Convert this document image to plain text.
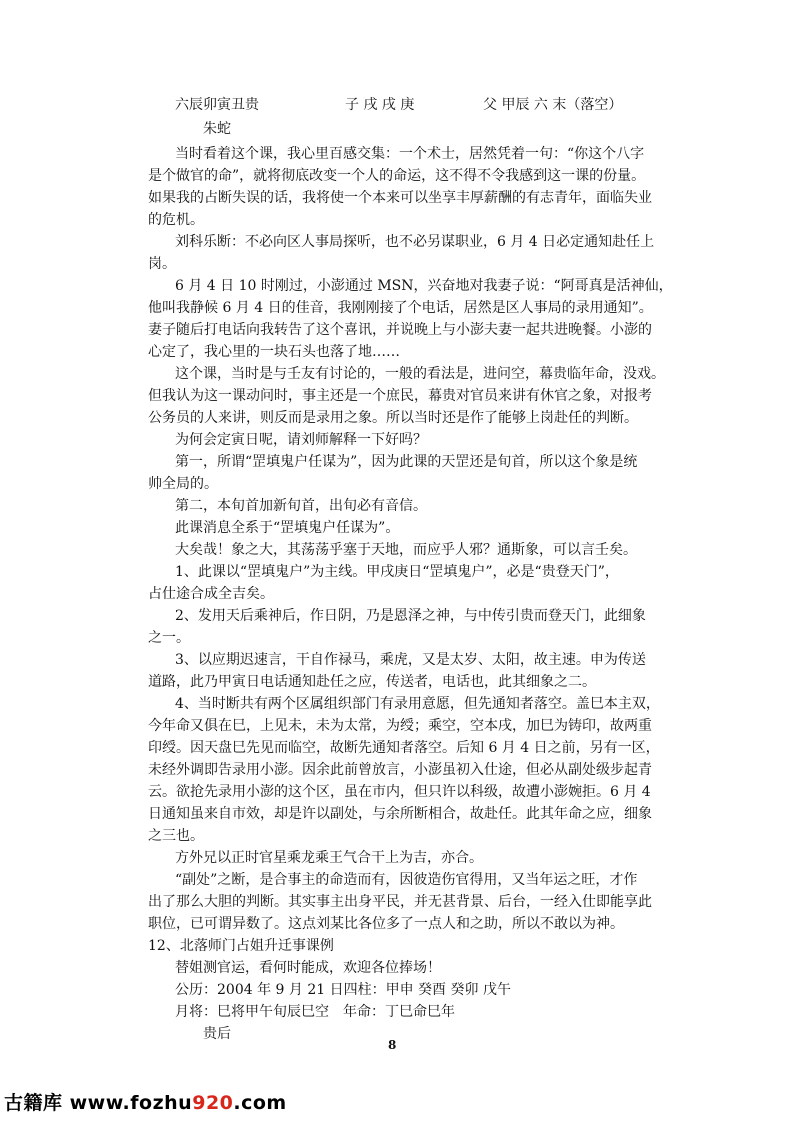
六辰卯寅丑贵	子 戌 戌 庚	父 甲辰 六 末（落空）
朱蛇
当时看着这个课，我心里百感交集：一个术士，居然凭着一句：“你这个八字
是个做官的命”，就将彻底改变一个人的命运，这不得不令我感到这一课的份量。
如果我的占断失误的话，我将使一个本来可以坐享丰厚薪酬的有志青年，面临失业
的危机。
刘科乐断：不必向区人事局探听，也不必另谋职业，6 月 4 日必定通知赴任上
岗。
6 月 4 日 10 时刚过，小澎通过 MSN，兴奋地对我妻子说：“阿哥真是活神仙，
他叫我静候 6 月 4 日的佳音，我刚刚接了个电话，居然是区人事局的录用通知”。
妻子随后打电话向我转告了这个喜讯，并说晚上与小澎夫妻一起共进晚餐。小澎的
心定了，我心里的一块石头也落了地……
这个课，当时是与壬友有讨论的，一般的看法是，进问空，幕贵临年命，没戏。
但我认为这一课动问时，事主还是一个庶民，幕贵对官员来讲有休官之象，对报考
公务员的人来讲，则反而是录用之象。所以当时还是作了能够上岗赴任的判断。
为何会定寅日呢，请刘师解释一下好吗？
第一，所谓“罡填鬼户任谋为”，因为此课的天罡还是旬首，所以这个象是统
帅全局的。
第二，本旬首加新旬首，出旬必有音信。
此课消息全系于“罡填鬼户任谋为”。
大矣哉！象之大，其荡荡乎塞于天地，而应乎人邪？通斯象，可以言壬矣。
1、此课以“罡填鬼户”为主线。甲戌庚日“罡填鬼户”，必是“贵登天门”，
占仕途合成全吉矣。
2、发用天后乘神后，作日阴，乃是恩泽之神，与中传引贵而登天门，此细象
之一。
3、以应期迟速言，干自作禄马，乘虎，又是太岁、太阳，故主速。申为传送
道路，此乃甲寅日电话通知赴任之应，传送者，电话也，此其细象之二。
4、当时断共有两个区属组织部门有录用意愿，但先通知者落空。盖巳本主双，
今年命又俱在巳，上见未，未为太常，为绶；乘空，空本戌，加巳为铸印，故两重
印绶。因天盘巳先见而临空，故断先通知者落空。后知 6 月 4 日之前，另有一区，
未经外调即告录用小澎。因余此前曾放言，小澎虽初入仕途，但必从副处级步起青
云。欲抢先录用小澎的这个区，虽在市内，但只许以科级，故遭小澎婉拒。6 月 4
日通知虽来自市效，却是许以副处，与余所断相合，故赴任。此其年命之应，细象
之三也。
方外兄以正时官星乘龙乘王气合干上为吉，亦合。
“副处”之断，是合事主的命造而有，因彼造伤官得用，又当年运之旺，才作
出了那么大胆的判断。其实事主出身平民，并无甚背景、后台，一经入仕即能享此
职位，已可谓异数了。这点刘某比各位多了一点人和之助，所以不敢以为神。
12、北落师门占姐升迁事课例
替姐测官运，看何时能成，欢迎各位捧场！
公历：2004 年 9 月 21 日四柱：甲申 癸酉 癸卯 戊午
月将：巳将甲午旬辰巳空　年命：丁巳命巳年
贵后
8
古籍库 www.fozhu920.com
